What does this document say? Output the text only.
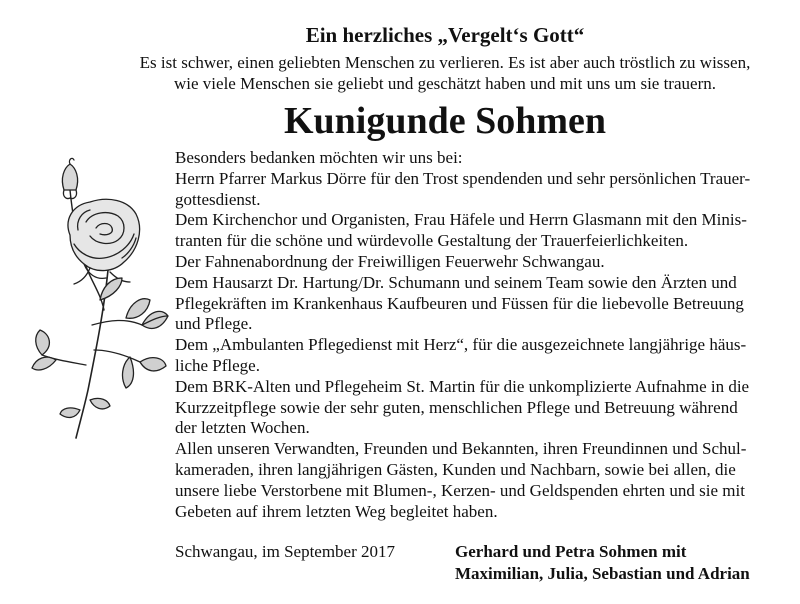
Ein herzliches „Vergelt‘s Gott“
Es ist schwer, einen geliebten Menschen zu verlieren. Es ist aber auch tröstlich zu wissen,
wie viele Menschen sie geliebt und geschätzt haben und mit uns um sie trauern.
Kunigunde Sohmen
Besonders bedanken möchten wir uns bei:
Herrn Pfarrer Markus Dörre für den Trost spendenden und sehr persönlichen Trauer-
gottesdienst.
Dem Kirchenchor und Organisten, Frau Häfele und Herrn Glasmann mit den Minis-
tranten für die schöne und würdevolle Gestaltung der Trauerfeierlichkeiten.
Der Fahnenabordnung der Freiwilligen Feuerwehr Schwangau.
Dem Hausarzt Dr. Hartung/Dr. Schumann und seinem Team sowie den Ärzten und
Pflegekräften im Krankenhaus Kaufbeuren und Füssen für die liebevolle Betreuung
und Pflege.
Dem „Ambulanten Pflegedienst mit Herz“, für die ausgezeichnete langjährige häus-
liche Pflege.
Dem BRK-Alten und Pflegeheim St. Martin für die unkomplizierte Aufnahme in die
Kurzzeitpflege sowie der sehr guten, menschlichen Pflege und Betreuung während
der letzten Wochen.
Allen unseren Verwandten, Freunden und Bekannten, ihren Freundinnen und Schul-
kameraden, ihren langjährigen Gästen, Kunden und Nachbarn, sowie bei allen, die
unsere liebe Verstorbene mit Blumen-, Kerzen- und Geldspenden ehrten und sie mit
Gebeten auf ihrem letzten Weg begleitet haben.
Schwangau, im September 2017	Gerhard und Petra Sohmen mit
Maximilian, Julia, Sebastian und Adrian
